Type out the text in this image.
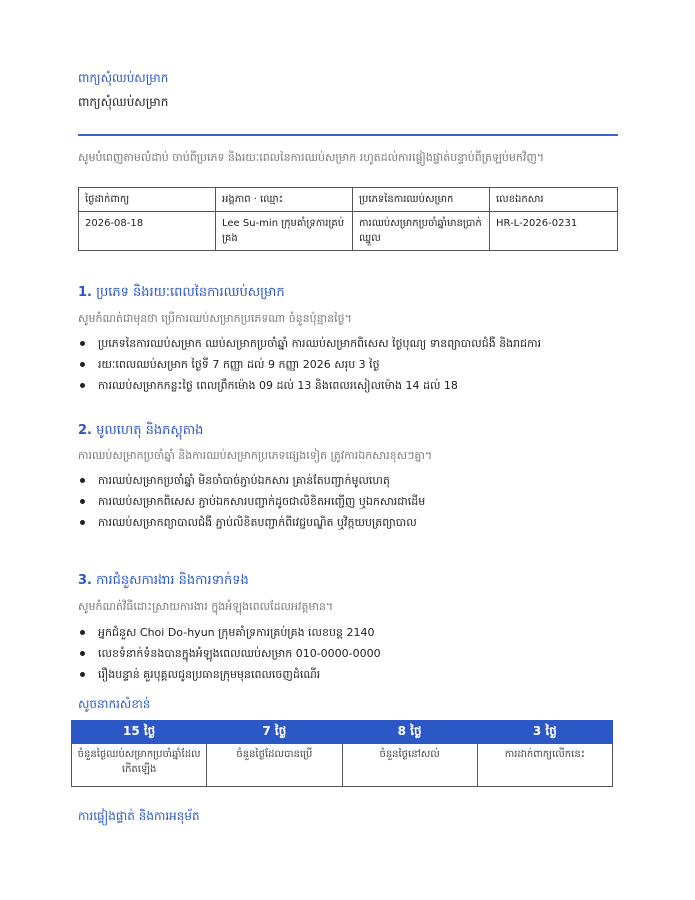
ពាក្យសុំឈប់សម្រាក
ពាក្យសុំឈប់សម្រាក
សូមបំពេញតាមលំដាប់ ចាប់ពីប្រភេទ និងរយៈពេលនៃការឈប់សម្រាក រហូតដល់ការផ្ទៀងផ្ទាត់បន្ទាប់ពីត្រឡប់មកវិញ។
ថ្ងៃដាក់ពាក្យ	អង្គភាព · ឈ្មោះ	ប្រភេទនៃការឈប់សម្រាក	លេខឯកសារ
2026-08-18	Lee Su-min ក្រុមគាំទ្រការគ្រប់គ្រង	ការឈប់សម្រាកប្រចាំឆ្នាំមានប្រាក់ឈ្នួល	HR-L-2026-0231
1. ប្រភេទ និងរយៈពេលនៃការឈប់សម្រាក
សូមកំណត់ជាមុនថា ប្រើការឈប់សម្រាកប្រភេទណា ចំនួនប៉ុន្មានថ្ងៃ។
ប្រភេទនៃការឈប់សម្រាក ឈប់សម្រាកប្រចាំឆ្នាំ ការឈប់សម្រាកពិសេស ថ្ងៃបុណ្យ ទានព្យាបាលជំងឺ និងរាជការ
រយៈពេលឈប់សម្រាក ថ្ងៃទី 7 កញ្ញា ដល់ 9 កញ្ញា 2026 សរុប 3 ថ្ងៃ
ការឈប់សម្រាកកន្លះថ្ងៃ ពេលព្រឹកម៉ោង 09 ដល់ 13 និងពេលរសៀលម៉ោង 14 ដល់ 18
2. មូលហេតុ និងភស្តុតាង
ការឈប់សម្រាកប្រចាំឆ្នាំ និងការឈប់សម្រាកប្រភេទផ្សេងទៀត ត្រូវការឯកសារខុសៗគ្នា។
ការឈប់សម្រាកប្រចាំឆ្នាំ មិនចាំបាច់ភ្ជាប់ឯកសារ គ្រាន់តែបញ្ជាក់មូលហេតុ
ការឈប់សម្រាកពិសេស ភ្ជាប់ឯកសារបញ្ជាក់ដូចជាលិខិតអញ្ជើញ ឬឯកសារជាដើម
ការឈប់សម្រាកព្យាបាលជំងឺ ភ្ជាប់លិខិតបញ្ជាក់ពីវេជ្ជបណ្ឌិត ឬវិក្កយបត្រព្យាបាល
3. ការជំនួសការងារ និងការទាក់ទង
សូមកំណត់វិធីដោះស្រាយការងារ ក្នុងអំឡុងពេលដែលអវត្តមាន។
អ្នកជំនួស Choi Do-hyun ក្រុមគាំទ្រការគ្រប់គ្រង លេខបន្ត 2140
លេខទំនាក់ទំនងបានក្នុងអំឡុងពេលឈប់សម្រាក 010-0000-0000
រឿងបន្ទាន់ គួរបុគ្គលជូនប្រធានក្រុមមុនពេលចេញដំណើរ
សូចនាករសំខាន់
15 ថ្ងៃ	7 ថ្ងៃ	8 ថ្ងៃ	3 ថ្ងៃ
ចំនួនថ្ងៃឈប់សម្រាកប្រចាំឆ្នាំដែលកើតឡើង	ចំនួនថ្ងៃដែលបានប្រើ	ចំនួនថ្ងៃនៅសល់	ការដាក់ពាក្យលើកនេះ
ការផ្ទៀងផ្ទាត់ និងការអនុម័ត
